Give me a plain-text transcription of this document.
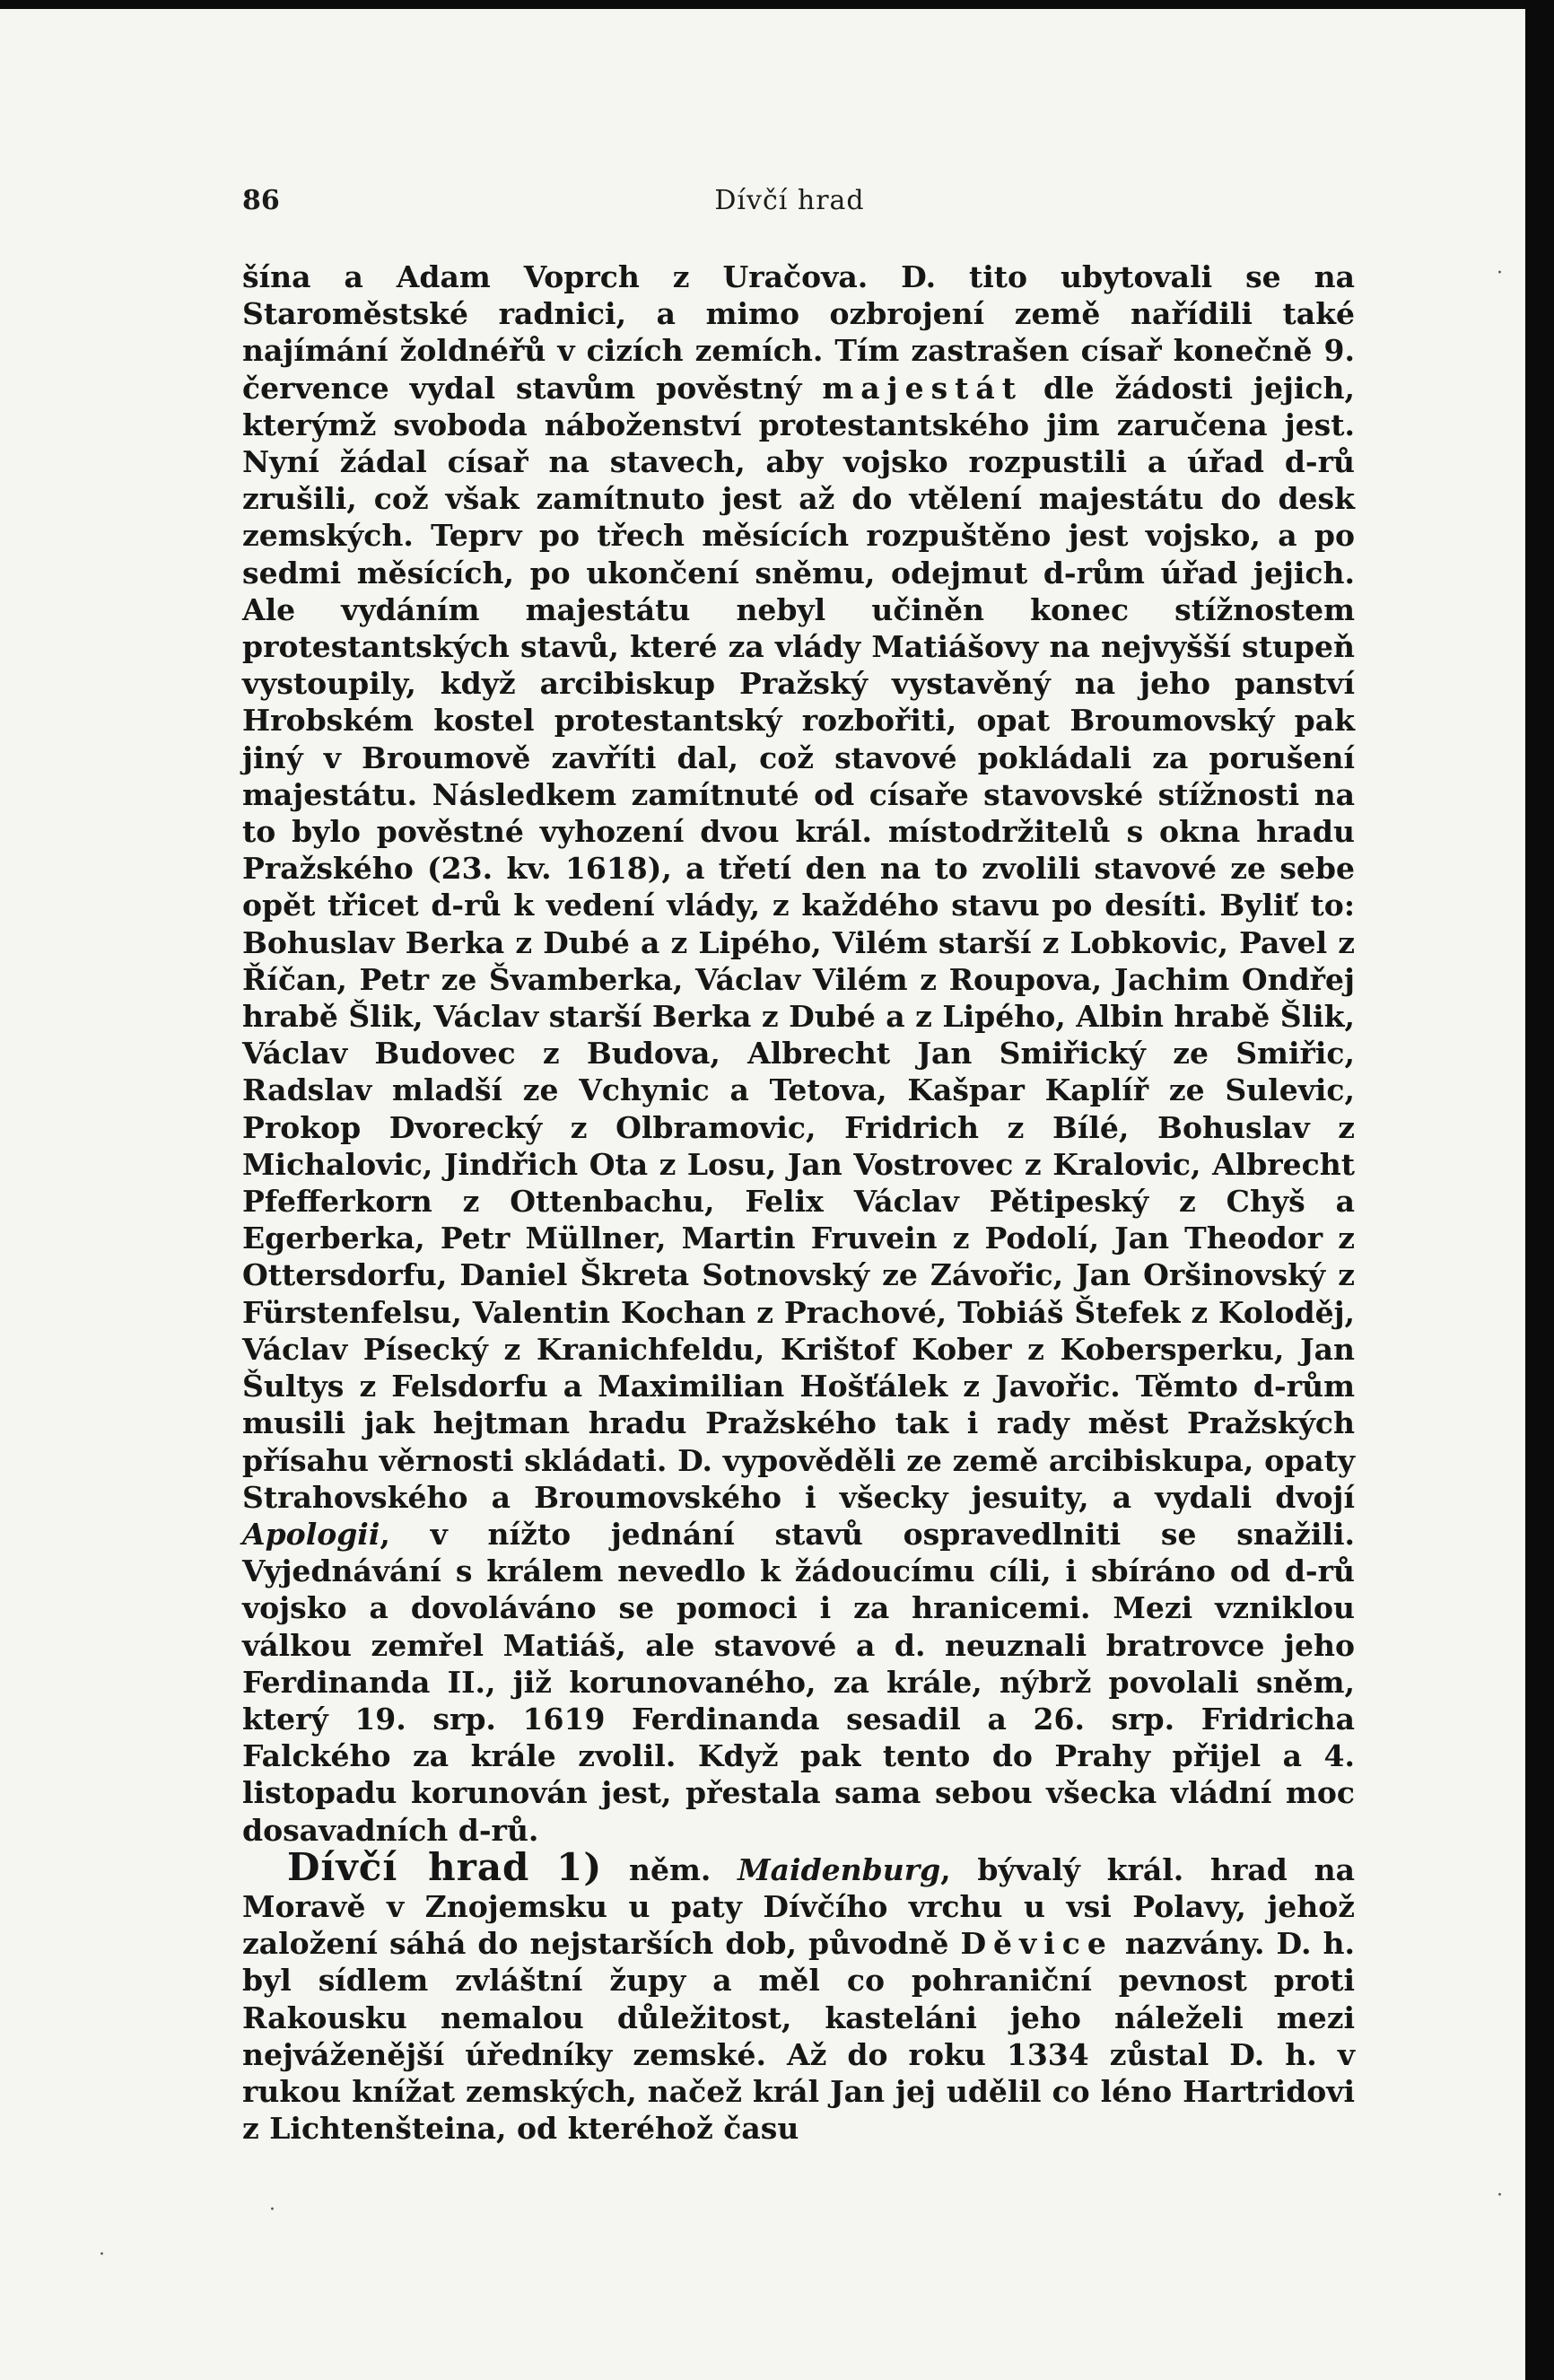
86	Dívčí hrad

šína a Adam Voprch z Uračova. D. tito ubytovali se na Staroměstské radnici, a mimo ozbrojení země nařídili také najímání žoldnéřů v cizích zemích. Tím zastrašen císař konečně 9. července vydal stavům pověstný majestát dle žádosti jejich, kterýmž svoboda náboženství protestantského jim zaručena jest. Nyní žádal císař na stavech, aby vojsko rozpustili a úřad d-rů zrušili, což však zamítnuto jest až do vtělení majestátu do desk zemských. Teprv po třech měsících rozpuštěno jest vojsko, a po sedmi měsících, po ukončení sněmu, odejmut d-rům úřad jejich. Ale vydáním majestátu nebyl učiněn konec stížnostem protestantských stavů, které za vlády Matiášovy na nejvyšší stupeň vystoupily, když arcibiskup Pražský vystavěný na jeho panství Hrobském kostel protestantský rozbořiti, opat Broumovský pak jiný v Broumově zavříti dal, což stavové pokládali za porušení majestátu. Následkem zamítnuté od císaře stavovské stížnosti na to bylo pověstné vyhození dvou král. místodržitelů s okna hradu Pražského (23. kv. 1618), a třetí den na to zvolili stavové ze sebe opět třicet d-rů k vedení vlády, z každého stavu po desíti. Byliť to: Bohuslav Berka z Dubé a z Lipého, Vilém starší z Lobkovic, Pavel z Říčan, Petr ze Švamberka, Václav Vilém z Roupova, Jachim Ondřej hrabě Šlik, Václav starší Berka z Dubé a z Lipého, Albin hrabě Šlik, Václav Budovec z Budova, Albrecht Jan Smiřický ze Smiřic, Radslav mladší ze Vchynic a Tetova, Kašpar Kaplíř ze Sulevic, Prokop Dvorecký z Olbramovic, Fridrich z Bílé, Bohuslav z Michalovic, Jindřich Ota z Losu, Jan Vostrovec z Kralovic, Albrecht Pfefferkorn z Ottenbachu, Felix Václav Pětipeský z Chyš a Egerberka, Petr Müllner, Martin Fruvein z Podolí, Jan Theodor z Ottersdorfu, Daniel Škreta Sotnovský ze Závořic, Jan Oršinovský z Fürstenfelsu, Valentin Kochan z Prachové, Tobiáš Štefek z Koloděj, Václav Písecký z Kranichfeldu, Krištof Kober z Kobersperku, Jan Šultys z Felsdorfu a Maximilian Hošťálek z Javořic. Těmto d-rům musili jak hejtman hradu Pražského tak i rady měst Pražských přísahu věrnosti skládati. D. vypověděli ze země arcibiskupa, opaty Strahovského a Broumovského i všecky jesuity, a vydali dvojí Apologii, v nížto jednání stavů ospravedlniti se snažili. Vyjednávání s králem nevedlo k žádoucímu cíli, i sbíráno od d-rů vojsko a dovoláváno se pomoci i za hranicemi. Mezi vzniklou válkou zemřel Matiáš, ale stavové a d. neuznali bratrovce jeho Ferdinanda II., již korunovaného, za krále, nýbrž povolali sněm, který 19. srp. 1619 Ferdinanda sesadil a 26. srp. Fridricha Falckého za krále zvolil. Když pak tento do Prahy přijel a 4. listopadu korunován jest, přestala sama sebou všecka vládní moc dosavadních d-rů.

Dívčí hrad 1) něm. Maidenburg, bývalý král. hrad na Moravě v Znojemsku u paty Dívčího vrchu u vsi Polavy, jehož založení sáhá do nejstarších dob, původně Děvice nazvány. D. h. byl sídlem zvláštní župy a měl co pohraniční pevnost proti Rakousku nemalou důležitost, kasteláni jeho náleželi mezi nejváženější úředníky zemské. Až do roku 1334 zůstal D. h. v rukou knížat zemských, načež král Jan jej udělil co léno Hartridovi z Lichtenšteina, od kteréhož času

·
·
·
·
